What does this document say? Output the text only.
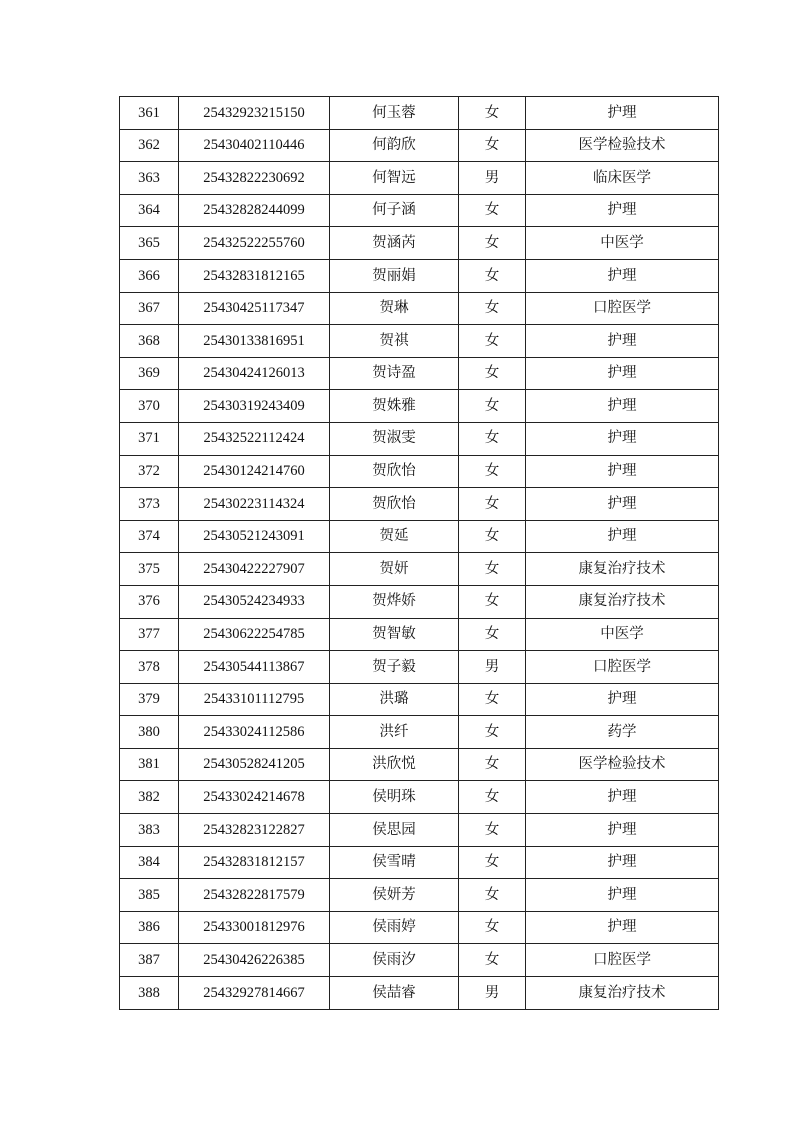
361	25432923215150	何玉蓉	女	护理
362	25430402110446	何韵欣	女	医学检验技术
363	25432822230692	何智远	男	临床医学
364	25432828244099	何子涵	女	护理
365	25432522255760	贺涵芮	女	中医学
366	25432831812165	贺丽娟	女	护理
367	25430425117347	贺琳	女	口腔医学
368	25430133816951	贺祺	女	护理
369	25430424126013	贺诗盈	女	护理
370	25430319243409	贺姝雅	女	护理
371	25432522112424	贺淑雯	女	护理
372	25430124214760	贺欣怡	女	护理
373	25430223114324	贺欣怡	女	护理
374	25430521243091	贺延	女	护理
375	25430422227907	贺妍	女	康复治疗技术
376	25430524234933	贺烨娇	女	康复治疗技术
377	25430622254785	贺智敏	女	中医学
378	25430544113867	贺子毅	男	口腔医学
379	25433101112795	洪璐	女	护理
380	25433024112586	洪纤	女	药学
381	25430528241205	洪欣悦	女	医学检验技术
382	25433024214678	侯明珠	女	护理
383	25432823122827	侯思园	女	护理
384	25432831812157	侯雪晴	女	护理
385	25432822817579	侯妍芳	女	护理
386	25433001812976	侯雨婷	女	护理
387	25430426226385	侯雨汐	女	口腔医学
388	25432927814667	侯喆睿	男	康复治疗技术
